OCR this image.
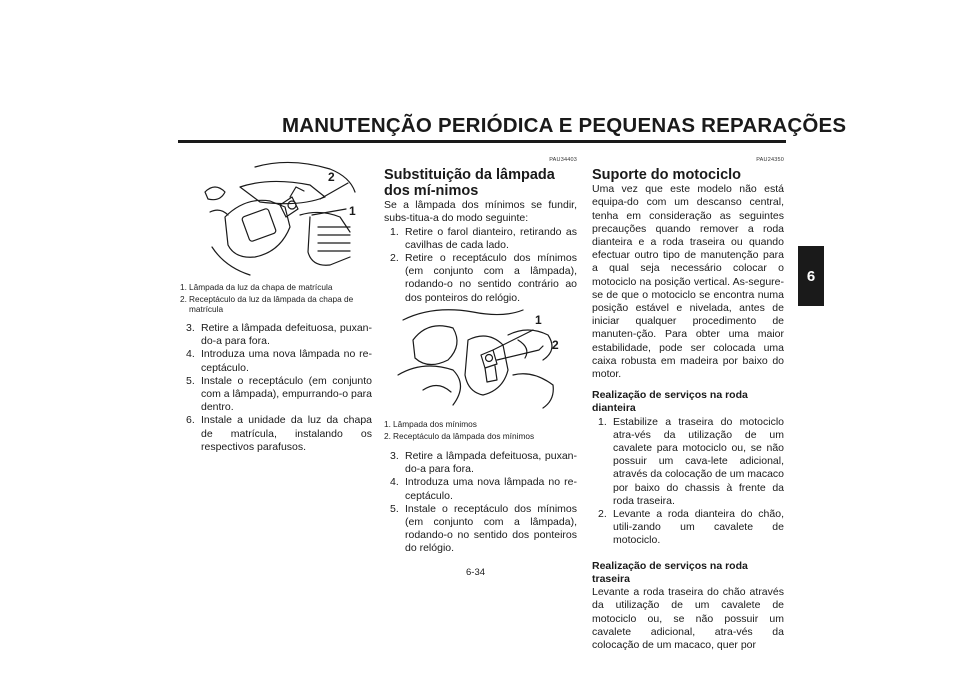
MANUTENÇÃO PERIÓDICA E PEQUENAS REPARAÇÕES
6
2
1
1. Lâmpada da luz da chapa de matrícula
2. Receptáculo da luz da lâmpada da chapa de matrícula
3. Retire a lâmpada defeituosa, puxan-do-a para fora.
4. Introduza uma nova lâmpada no re-ceptáculo.
5. Instale o receptáculo (em conjunto com a lâmpada), empurrando-o para dentro.
6. Instale a unidade da luz da chapa de matrícula, instalando os respectivos parafusos.
PAU34403
Substituição da lâmpada dos mí-nimos

Se a lâmpada dos mínimos se fundir, subs-titua-a do modo seguinte:

1. Retire o farol dianteiro, retirando as cavilhas de cada lado.
2. Retire o receptáculo dos mínimos (em conjunto com a lâmpada), rodando-o no sentido contrário ao dos ponteiros do relógio.
1
2
1. Lâmpada dos mínimos
2. Receptáculo da lâmpada dos mínimos
3. Retire a lâmpada defeituosa, puxan-do-a para fora.
4. Introduza uma nova lâmpada no re-ceptáculo.
5. Instale o receptáculo dos mínimos (em conjunto com a lâmpada), rodando-o no sentido dos ponteiros do relógio.
PAU24350
Suporte do motociclo

Uma vez que este modelo não está equipa-do com um descanso central, tenha em consideração as seguintes precauções quando remover a roda dianteira e a roda traseira ou quando efectuar outro tipo de manutenção para a qual seja necessário colocar o motociclo na posição vertical. As-segure-se de que o motociclo se encontra numa posição estável e nivelada, antes de iniciar qualquer procedimento de manuten-ção. Para obter uma maior estabilidade, pode ser colocada uma caixa robusta em madeira por baixo do motor.

Realização de serviços na roda dianteira
1. Estabilize a traseira do motociclo atra-vés da utilização de um cavalete para motociclo ou, se não possuir um cava-lete adicional, através da colocação de um macaco por baixo do chassis à frente da roda traseira.
2. Levante a roda dianteira do chão, utili-zando um cavalete de motociclo.
Realização de serviços na roda traseira

Levante a roda traseira do chão através da utilização de um cavalete de motociclo ou, se não possuir um cavalete adicional, atra-vés da colocação de um macaco, quer por

6-34
